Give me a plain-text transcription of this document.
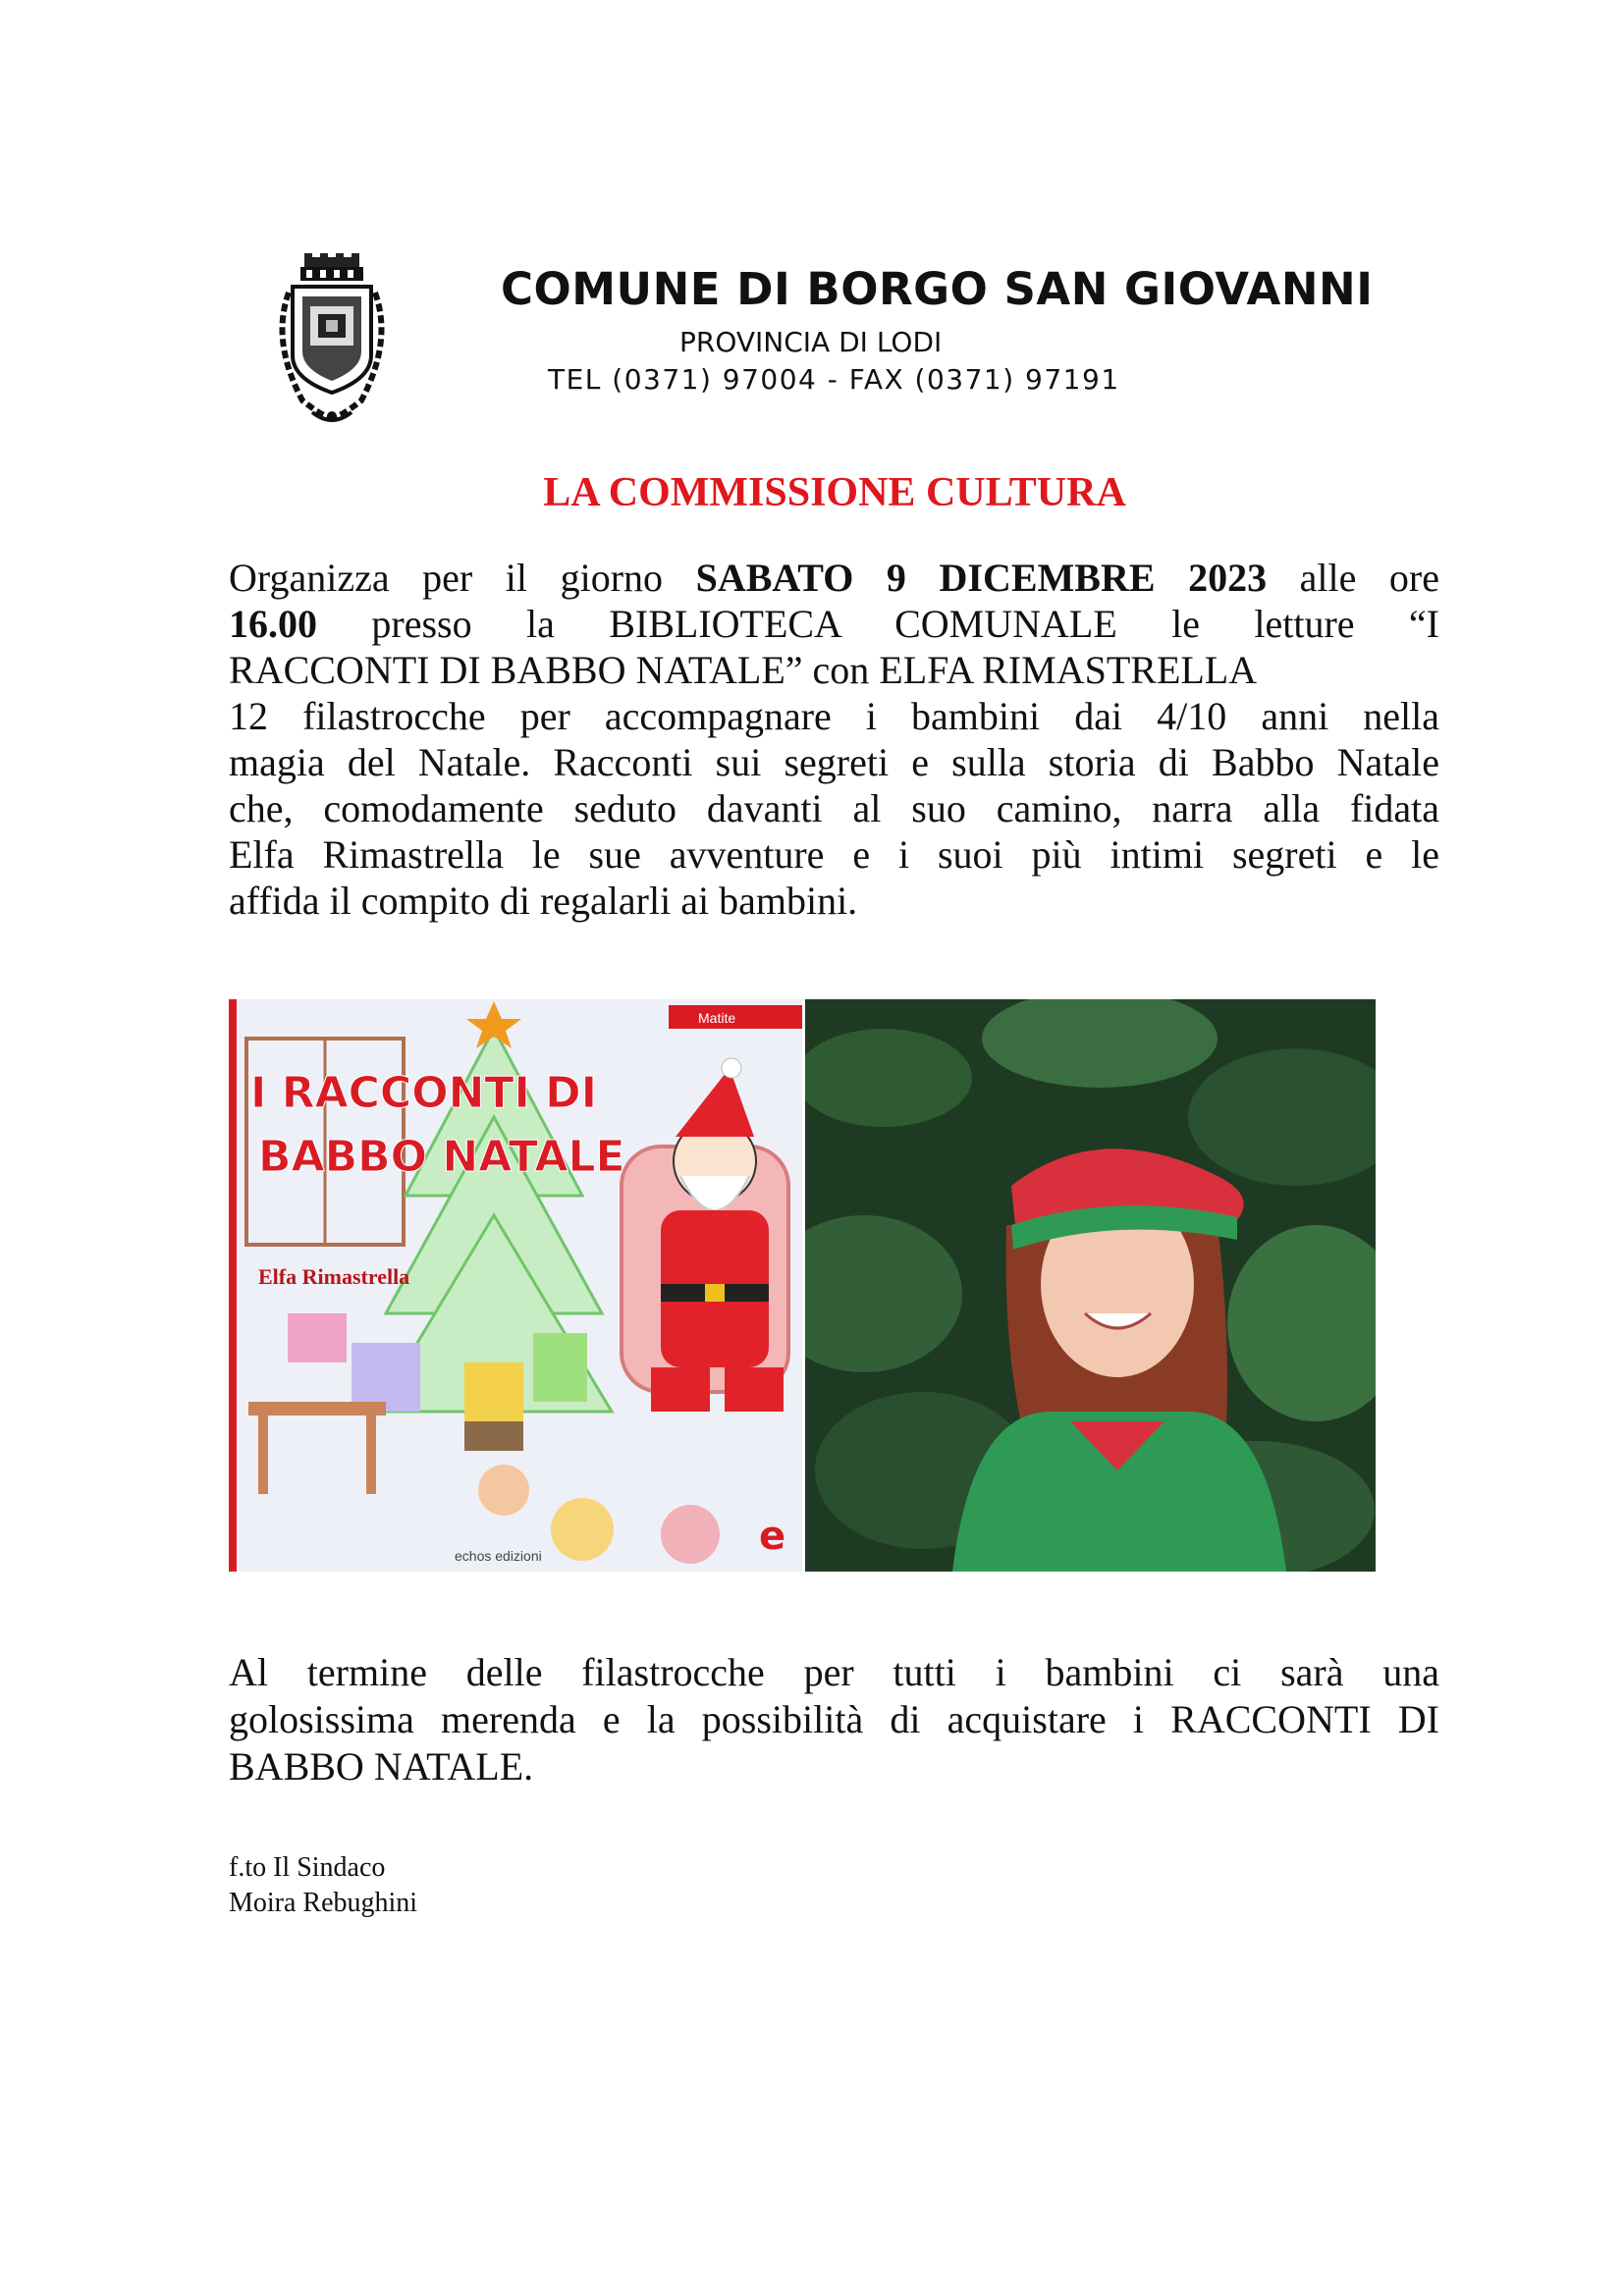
COMUNE DI BORGO SAN GIOVANNI
PROVINCIA DI LODI
TEL (0371) 97004 - FAX (0371) 97191
LA COMMISSIONE CULTURA
Organizza per il giorno SABATO 9 DICEMBRE 2023 alle ore
16.00 presso la BIBLIOTECA COMUNALE le letture “I
RACCONTI DI BABBO NATALE” con ELFA RIMASTRELLA
12 filastrocche per accompagnare i bambini dai 4/10 anni nella
magia del Natale. Racconti sui segreti e sulla storia di Babbo Natale
che, comodamente seduto davanti al suo camino, narra alla fidata
Elfa Rimastrella le sue avventure e i suoi più intimi segreti e le
affida il compito di regalarli ai bambini.
Matite
I RACCONTI DI
BABBO NATALE
Elfa Rimastrella
echos edizioni	e
Al termine delle filastrocche per tutti i bambini ci sarà una
golosissima merenda e la possibilità di acquistare i RACCONTI DI
BABBO NATALE.
f.to Il Sindaco
Moira Rebughini
